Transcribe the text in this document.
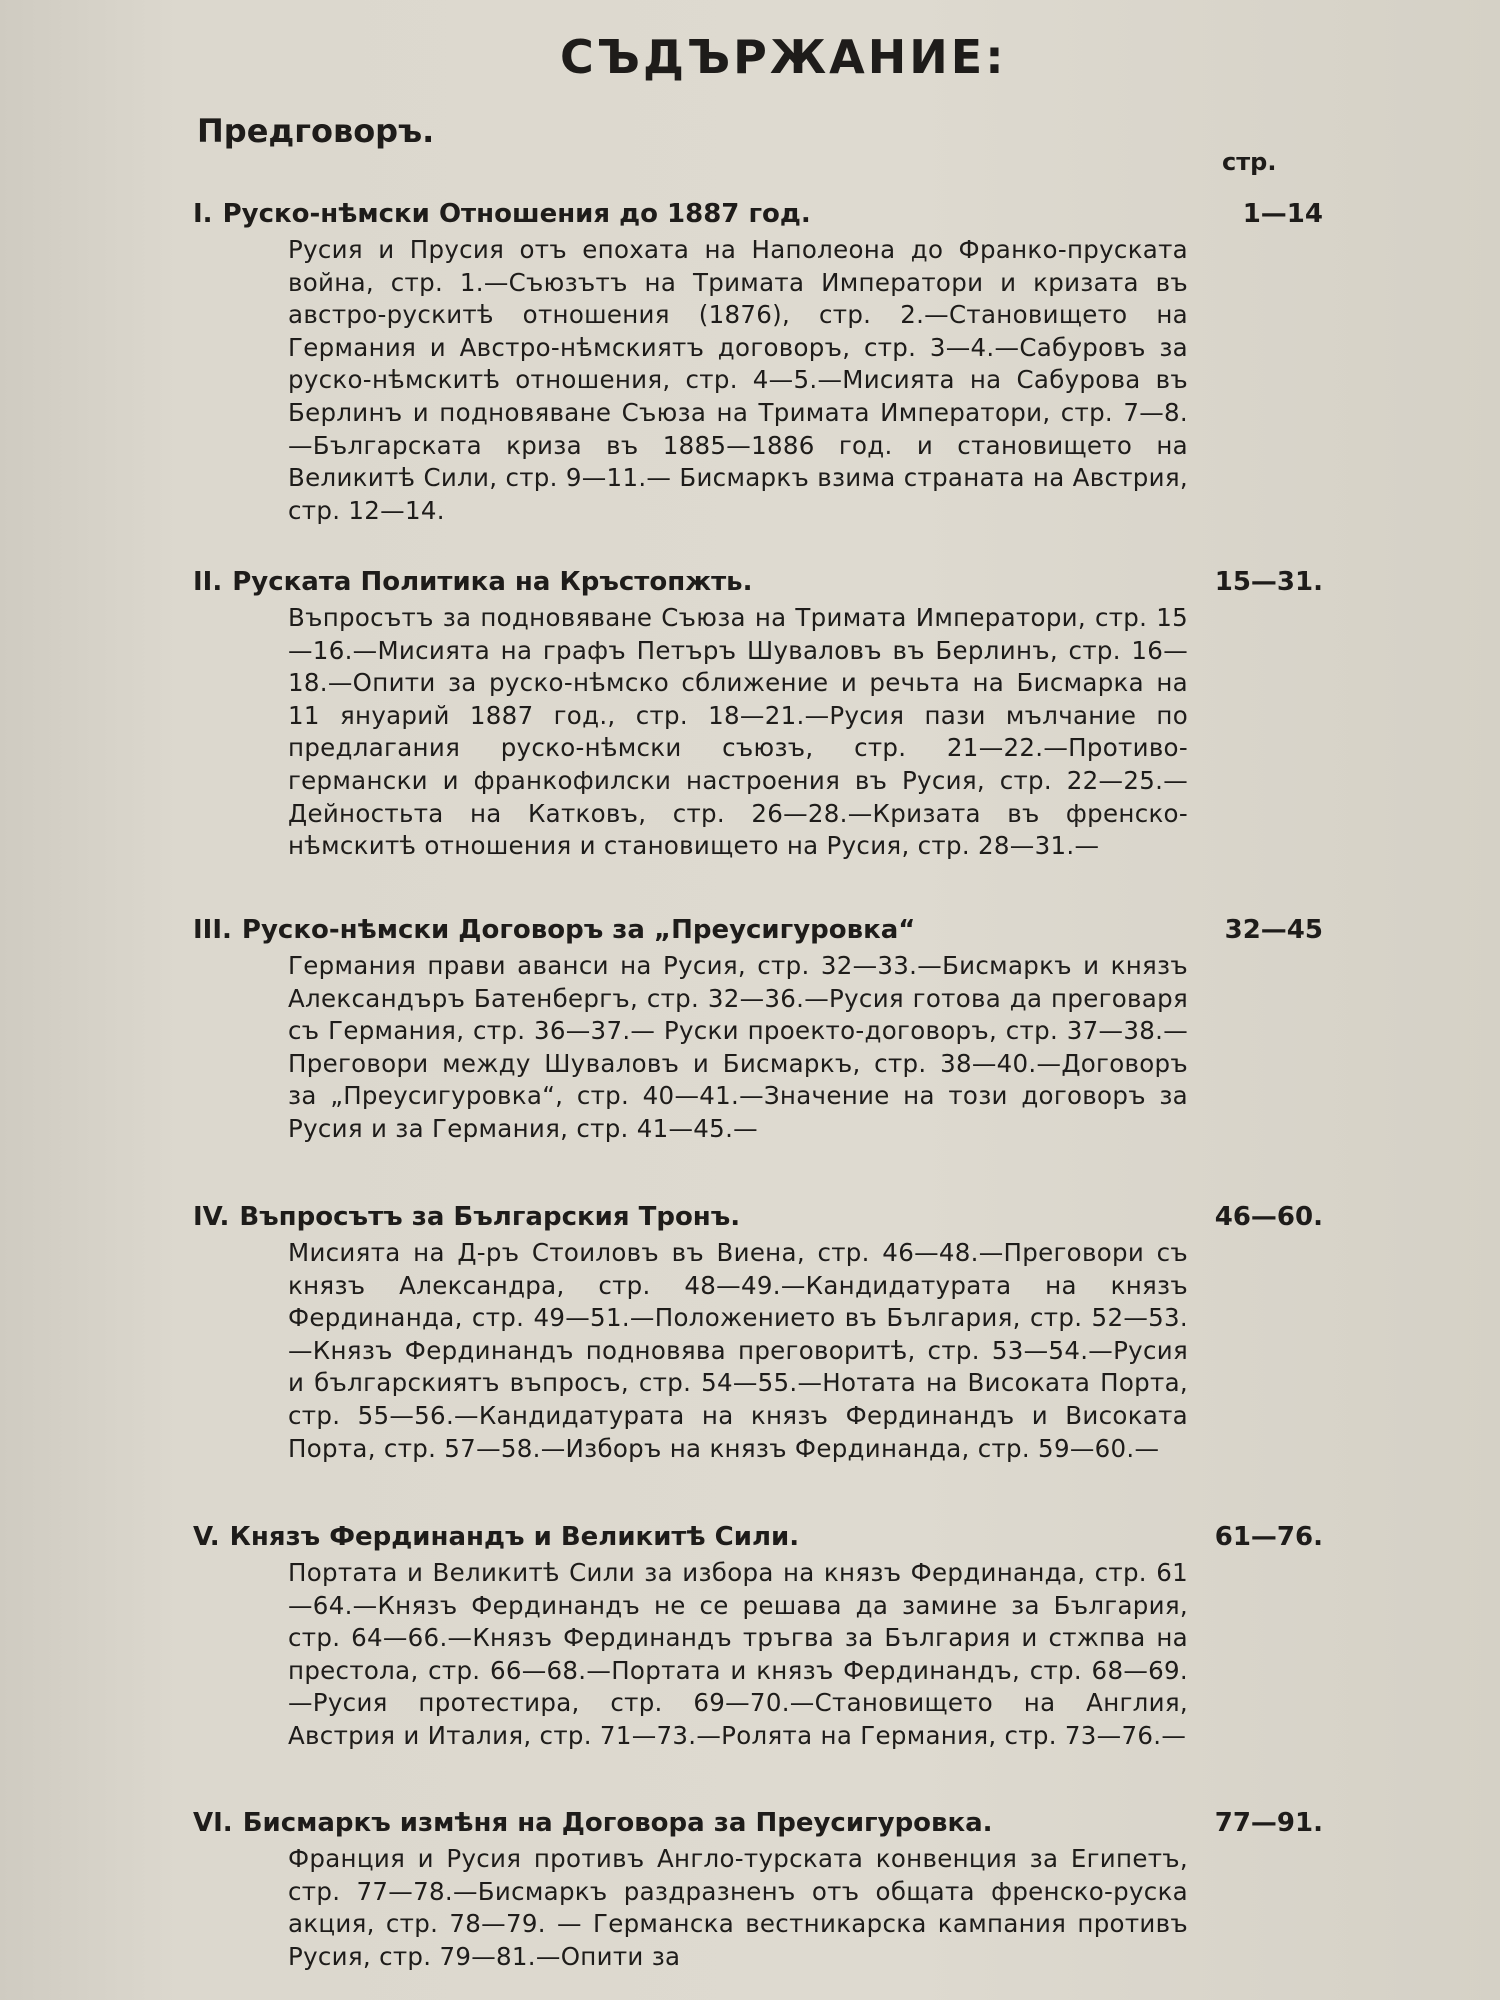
СЪДЪРЖАНИЕ:
Предговоръ.
стр.
I. Руско-нѣмски Отношения до 1887 год.	1—14
Русия и Прусия отъ епохата на Наполеона до Франко-пруската война, стр. 1.—Съюзътъ на Тримата Императори и кризата въ австро-рускитѣ отношения (1876), стр. 2.—Становището на Германия и Австро-нѣмскиятъ договоръ, стр. 3—4.—Сабуровъ за руско-нѣмскитѣ отношения, стр. 4—5.—Мисията на Сабурова въ Берлинъ и подновяване Съюза на Тримата Императори, стр. 7—8.—Българската криза въ 1885—1886 год. и становището на Великитѣ Сили, стр. 9—11.— Бисмаркъ взима страната на Австрия, стр. 12—14.
II. Руската Политика на Кръстопжть.	15—31.
Въпросътъ за подновяване Съюза на Тримата Императори, стр. 15—16.—Мисията на графъ Петъръ Шуваловъ въ Берлинъ, стр. 16—18.—Опити за руско-нѣмско сближение и речьта на Бисмарка на 11 януарий 1887 год., стр. 18—21.—Русия пази мълчание по предлагания руско-нѣмски съюзъ, стр. 21—22.—Противо-германски и франкофилски настроения въ Русия, стр. 22—25.—Дейностьта на Катковъ, стр. 26—28.—Кризата въ френско-нѣмскитѣ отношения и становището на Русия, стр. 28—31.—
III. Руско-нѣмски Договоръ за „Преусигуровка“	32—45
Германия прави аванси на Русия, стр. 32—33.—Бисмаркъ и князъ Александъръ Батенбергъ, стр. 32—36.—Русия готова да преговаря съ Германия, стр. 36—37.— Руски проекто-договоръ, стр. 37—38.—Преговори между Шуваловъ и Бисмаркъ, стр. 38—40.—Договоръ за „Преусигуровка“, стр. 40—41.—Значение на този договоръ за Русия и за Германия, стр. 41—45.—
IV. Въпросътъ за Българския Тронъ.	46—60.
Мисията на Д-ръ Стоиловъ въ Виена, стр. 46—48.—Преговори съ князъ Александра, стр. 48—49.—Кандидатурата на князъ Фердинанда, стр. 49—51.—Положението въ България, стр. 52—53.—Князъ Фердинандъ подновява преговоритѣ, стр. 53—54.—Русия и българскиятъ въпросъ, стр. 54—55.—Нотата на Високата Порта, стр. 55—56.—Кандидатурата на князъ Фердинандъ и Високата Порта, стр. 57—58.—Изборъ на князъ Фердинанда, стр. 59—60.—
V. Князъ Фердинандъ и Великитѣ Сили.	61—76.
Портата и Великитѣ Сили за избора на князъ Фердинанда, стр. 61—64.—Князъ Фердинандъ не се решава да замине за България, стр. 64—66.—Князъ Фердинандъ тръгва за България и стжпва на престола, стр. 66—68.—Портата и князъ Фердинандъ, стр. 68—69.—Русия протестира, стр. 69—70.—Становището на Англия, Австрия и Италия, стр. 71—73.—Ролята на Германия, стр. 73—76.—
VI. Бисмаркъ измѣня на Договора за Преусигуровка.	77—91.
Франция и Русия противъ Англо-турската конвенция за Египетъ, стр. 77—78.—Бисмаркъ раздразненъ отъ общата френско-руска акция, стр. 78—79. — Германска вестникарска кампания противъ Русия, стр. 79—81.—Опити за
